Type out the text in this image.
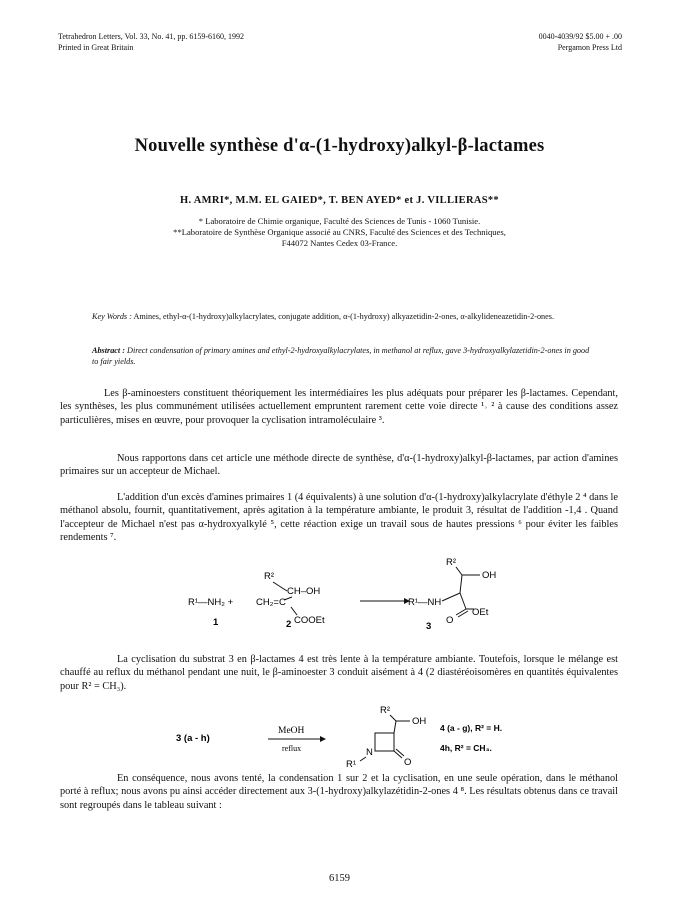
Tetrahedron Letters, Vol. 33, No. 41, pp. 6159-6160, 1992
Printed in Great Britain
0040-4039/92 $5.00 + .00
Pergamon Press Ltd
Nouvelle synthèse d'α-(1-hydroxy)alkyl-β-lactames
H. AMRI*, M.M. EL GAIED*, T. BEN AYED* et J. VILLIERAS**
* Laboratoire de Chimie organique, Faculté des Sciences de Tunis - 1060 Tunisie.
**Laboratoire de Synthèse Organique associé au CNRS, Faculté des Sciences et des Techniques,
F44072 Nantes Cedex 03-France.
Key Words : Amines, ethyl-α-(1-hydroxy)alkylacrylates, conjugate addition, α-(1-hydroxy) alkyazetidin-2-ones, α-alkylideneazetidin-2-ones.
Abstract : Direct condensation of primary amines and ethyl-2-hydroxyalkylacrylates, in methanol at reflux, gave 3-hydroxyalkylazetidin-2-ones in good to fair yields.
Les β-aminoesters constituent théoriquement les intermédiaires les plus adéquats pour préparer les β-lactames. Cependant, les synthèses, les plus communément utilisées actuellement empruntent rarement cette voie directe ¹˒ ² à cause des conditions assez particulières, mises en œuvre, pour provoquer la cyclisation intramoléculaire ³.
Nous rapportons dans cet article une méthode directe de synthèse, d'α-(1-hydroxy)alkyl-β-lactames, par action d'amines primaires sur un accepteur de Michael.
L'addition d'un excès d'amines primaires 1 (4 équivalents) à une solution d'α-(1-hydroxy)alkylacrylate d'éthyle 2 ⁴ dans le méthanol absolu, fournit, quantitativement, après agitation à la température ambiante, le produit 3, résultat de l'addition -1,4 . Quand l'accepteur de Michael n'est pas α-hydroxyalkylé ⁵, cette réaction exige un travail sous de hautes pressions ⁶ pour éviter les faibles rendements ⁷.
R¹—NH₂ +
1
R²
CH–OH
CH₂=C
COOEt
2
R²
OH
R¹—NH
O
OEt
3
La cyclisation du substrat 3 en β-lactames 4 est très lente à la température ambiante. Toutefois, lorsque le mélange est chauffé au reflux du méthanol pendant une nuit, le β-aminoester 3 conduit aisément à 4 (2 diastéréoisomères en quantités équivalentes pour R² = CH₃).
3 (a - h)
MeOH
reflux
R²
OH
N
R¹	O
4 (a - g), R² = H.
4h, R² = CH₃.
En conséquence, nous avons tenté, la condensation 1 sur 2 et la cyclisation, en une seule opération, dans le méthanol porté à reflux; nous avons pu ainsi accéder directement aux 3-(1-hydroxy)alkylazétidin-2-ones 4 ⁸. Les résultats obtenus dans ce travail sont regroupés dans le tableau suivant :
6159
